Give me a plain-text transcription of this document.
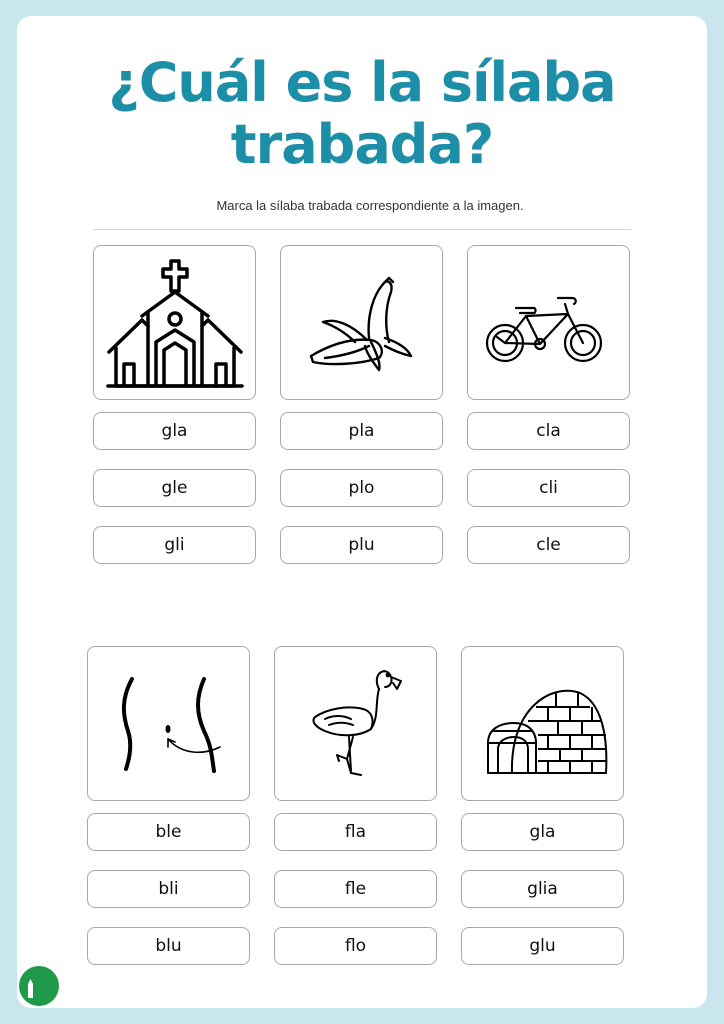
¿Cuál es la sílaba
trabada?
Marca la sílaba trabada correspondiente a la imagen.
gla
gle
gli
pla
plo
plu
cla
cli
cle
ble
bli
blu
fla
fle
flo
gla
glia
glu
